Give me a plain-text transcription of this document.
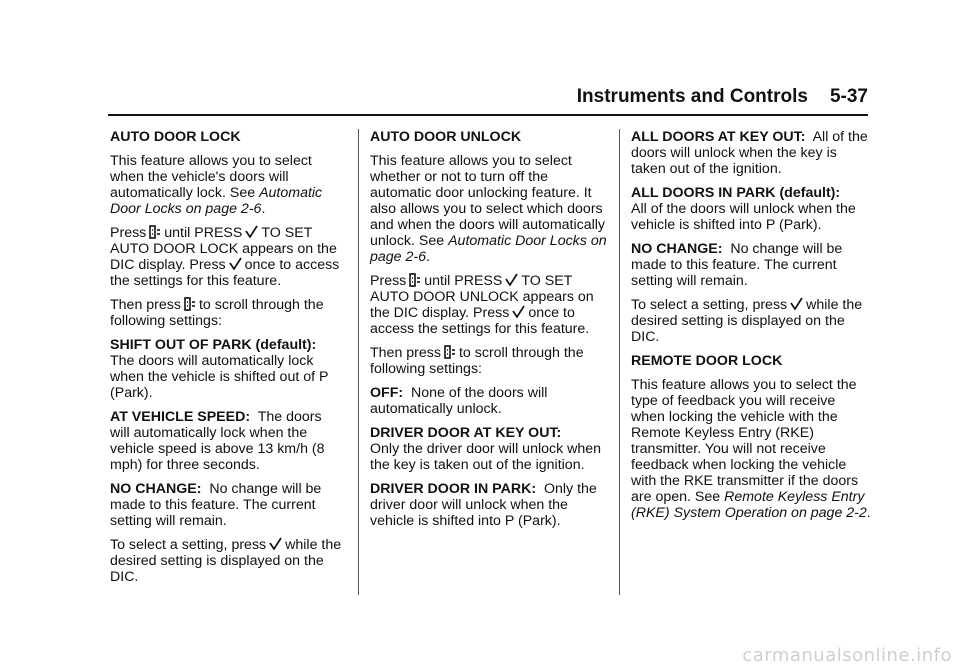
Instruments and Controls 5-37

AUTO DOOR LOCK

This feature allows you to select when the vehicle's doors will automatically lock. See Automatic Door Locks on page 2-6.

Press until PRESS TO SET AUTO DOOR LOCK appears on the DIC display. Press once to access the settings for this feature.

Then press to scroll through the following settings:

SHIFT OUT OF PARK (default):
The doors will automatically lock when the vehicle is shifted out of P (Park).

AT VEHICLE SPEED: The doors will automatically lock when the vehicle speed is above 13 km/h (8 mph) for three seconds.

NO CHANGE: No change will be made to this feature. The current setting will remain.

To select a setting, press while the desired setting is displayed on the DIC.

AUTO DOOR UNLOCK

This feature allows you to select whether or not to turn off the automatic door unlocking feature. It also allows you to select which doors and when the doors will automatically unlock. See Automatic Door Locks on page 2-6.

Press until PRESS TO SET AUTO DOOR UNLOCK appears on the DIC display. Press once to access the settings for this feature.

Then press to scroll through the following settings:

OFF: None of the doors will automatically unlock.

DRIVER DOOR AT KEY OUT:
Only the driver door will unlock when the key is taken out of the ignition.

DRIVER DOOR IN PARK: Only the driver door will unlock when the vehicle is shifted into P (Park).

ALL DOORS AT KEY OUT: All of the doors will unlock when the key is taken out of the ignition.

ALL DOORS IN PARK (default):
All of the doors will unlock when the vehicle is shifted into P (Park).

NO CHANGE: No change will be made to this feature. The current setting will remain.

To select a setting, press while the desired setting is displayed on the DIC.

REMOTE DOOR LOCK

This feature allows you to select the type of feedback you will receive when locking the vehicle with the Remote Keyless Entry (RKE) transmitter. You will not receive feedback when locking the vehicle with the RKE transmitter if the doors are open. See Remote Keyless Entry (RKE) System Operation on page 2-2.

carmanualsonline.info
